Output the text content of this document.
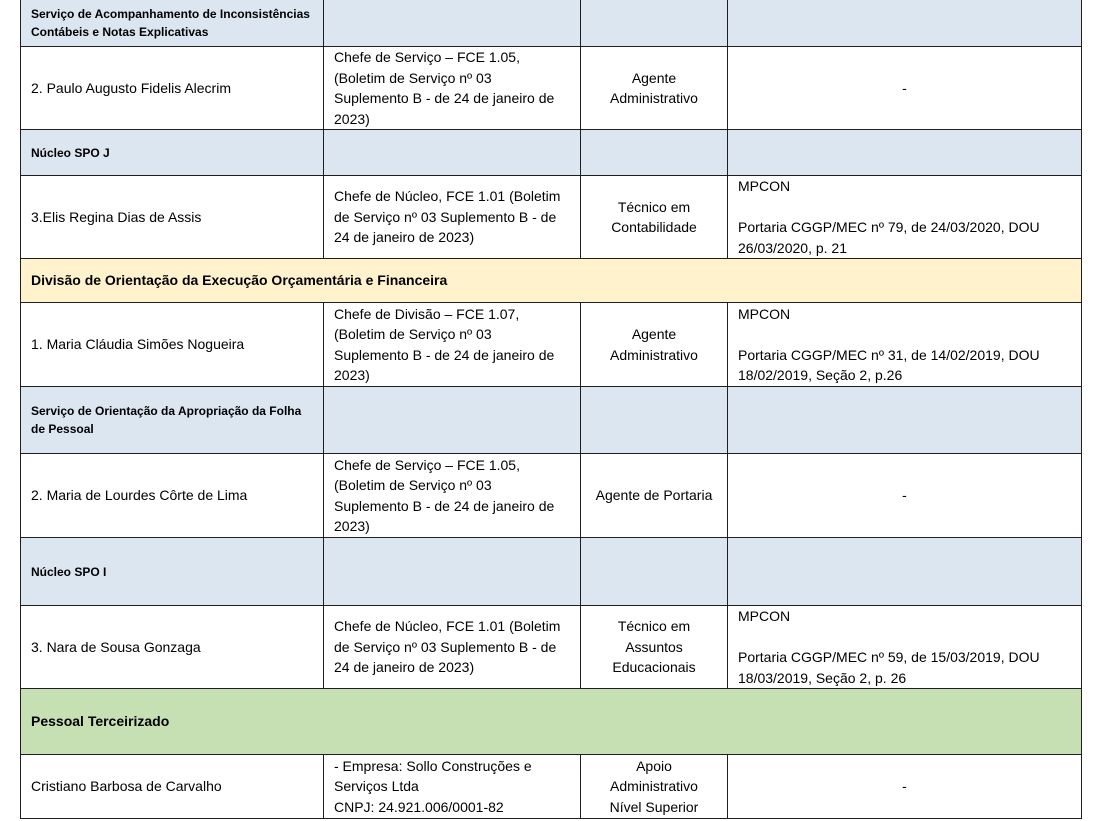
Serviço de Acompanhamento de Inconsistências Contábeis e Notas Explicativas			
2. Paulo Augusto Fidelis Alecrim	Chefe de Serviço – FCE 1.05,
(Boletim de Serviço nº 03
Suplemento B - de 24 de janeiro de
2023)	Agente
Administrativo	-
Núcleo SPO J			
3.Elis Regina Dias de Assis	Chefe de Núcleo, FCE 1.01 (Boletim
de Serviço nº 03 Suplemento B - de
24 de janeiro de 2023)	Técnico em
Contabilidade	MPCON
Portaria CGGP/MEC nº 79, de 24/03/2020, DOU
26/03/2020, p. 21

Divisão de Orientação da Execução Orçamentária e Financeira			
1. Maria Cláudia Simões Nogueira	Chefe de Divisão – FCE 1.07,
(Boletim de Serviço nº 03
Suplemento B - de 24 de janeiro de
2023)	Agente
Administrativo	MPCON
Portaria CGGP/MEC nº 31, de 14/02/2019, DOU
18/02/2019, Seção 2, p.26

Serviço de Orientação da Apropriação da Folha
de Pessoal			

2. Maria de Lourdes Côrte de Lima	Chefe de Serviço – FCE 1.05,
(Boletim de Serviço nº 03
Suplemento B - de 24 de janeiro de
2023)	Agente de Portaria	-
Núcleo SPO I			
3. Nara de Sousa Gonzaga	Chefe de Núcleo, FCE 1.01 (Boletim
de Serviço nº 03 Suplemento B - de
24 de janeiro de 2023)	Técnico em
Assuntos
Educacionais	MPCON
Portaria CGGP/MEC nº 59, de 15/03/2019, DOU
18/03/2019, Seção 2, p. 26

Pessoal Terceirizado			
Cristiano Barbosa de Carvalho	- Empresa: Sollo Construções e
Serviços Ltda
CNPJ: 24.921.006/0001-82	Apoio
Administrativo
Nível Superior	-
